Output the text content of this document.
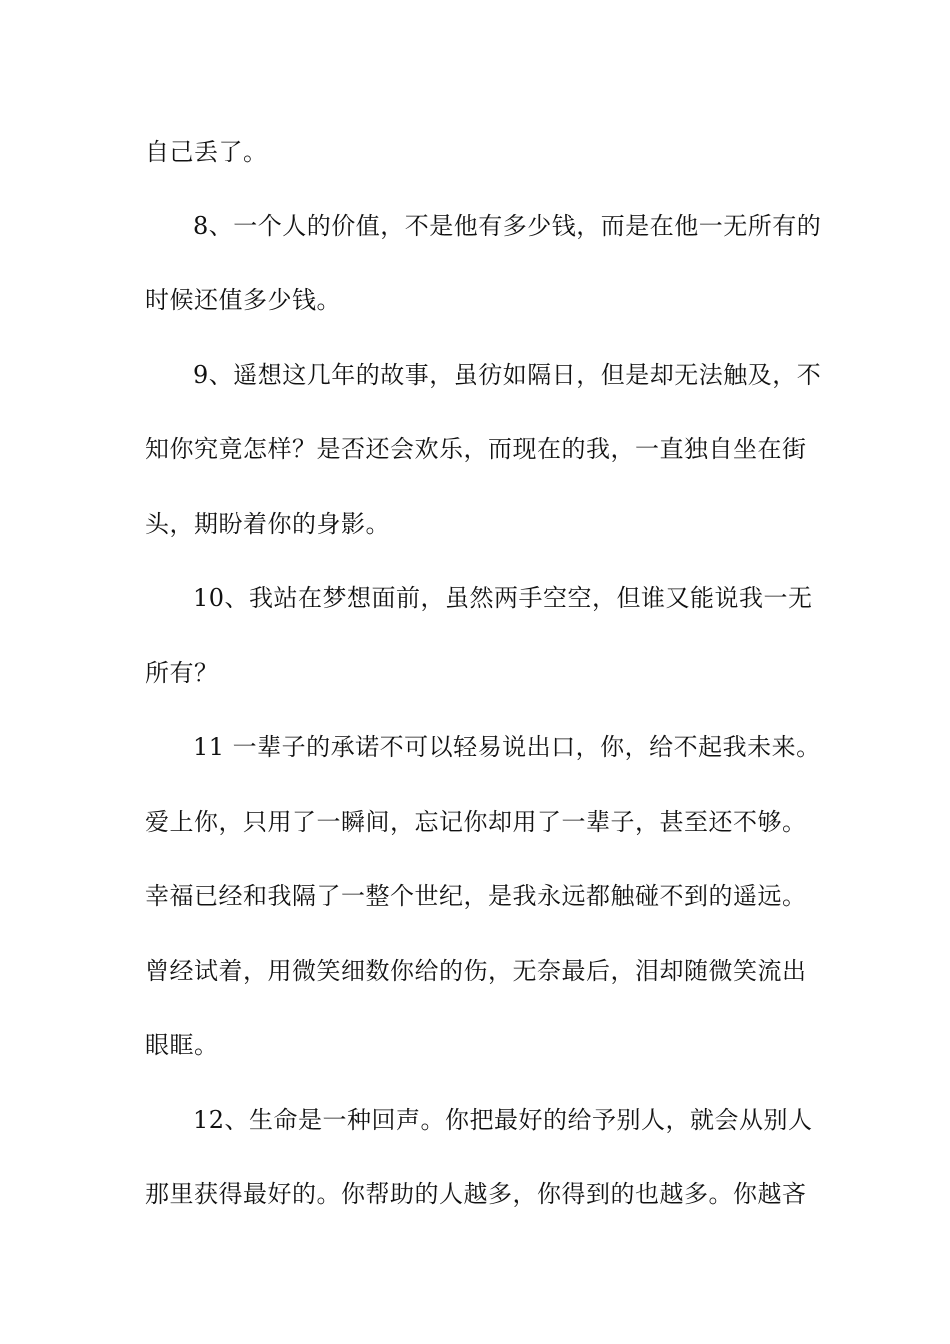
自己丢了。
8、一个人的价值，不是他有多少钱，而是在他一无所有的
时候还值多少钱。
9、遥想这几年的故事，虽彷如隔日，但是却无法触及，不
知你究竟怎样？是否还会欢乐，而现在的我，一直独自坐在街
头，期盼着你的身影。
10、我站在梦想面前，虽然两手空空，但谁又能说我一无
所有？
11 一辈子的承诺不可以轻易说出口，你，给不起我未来。
爱上你，只用了一瞬间，忘记你却用了一辈子，甚至还不够。
幸福已经和我隔了一整个世纪，是我永远都触碰不到的遥远。
曾经试着，用微笑细数你给的伤，无奈最后，泪却随微笑流出
眼眶。
12、生命是一种回声。你把最好的给予别人，就会从别人
那里获得最好的。你帮助的人越多，你得到的也越多。你越吝
